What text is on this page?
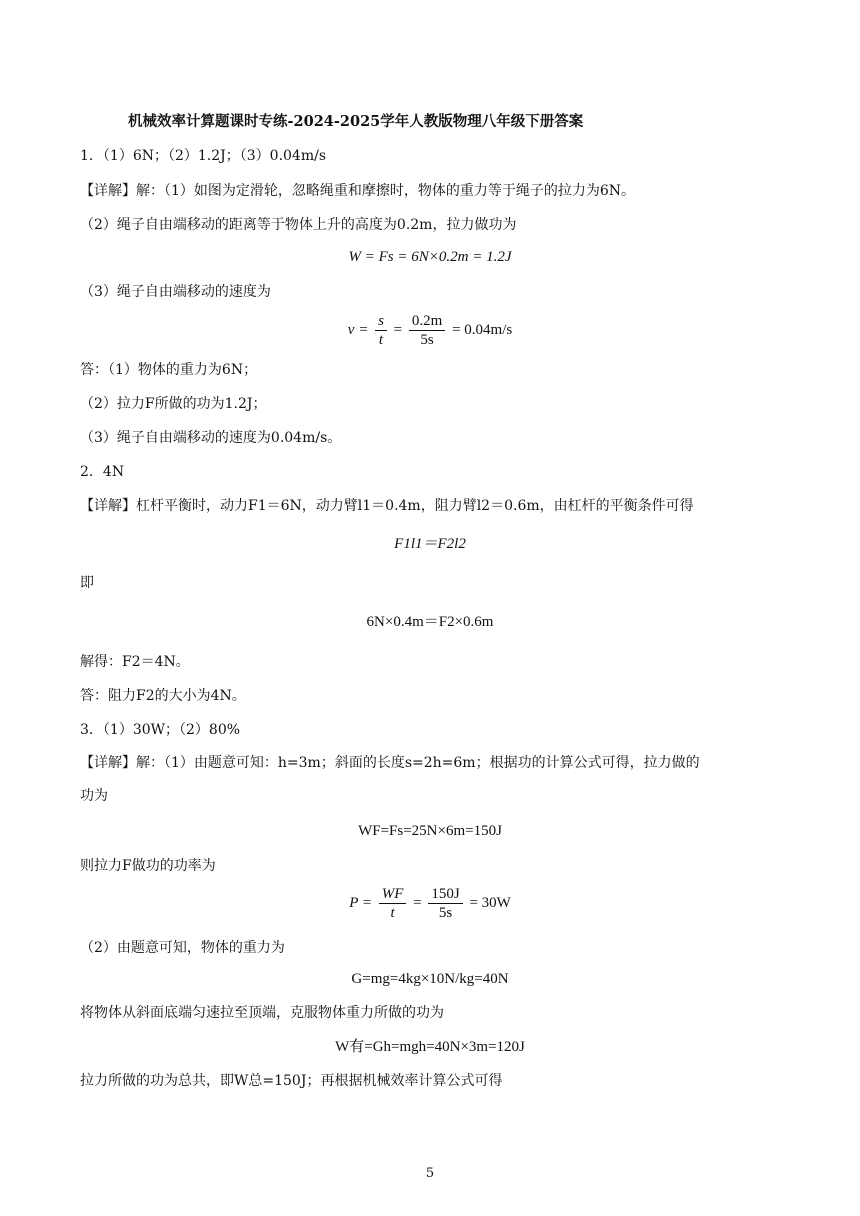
机械效率计算题课时专练-2024-2025学年人教版物理八年级下册答案
1．（1）6N；（2）1.2J；（3）0.04m/s
【详解】解：（1）如图为定滑轮，忽略绳重和摩擦时，物体的重力等于绳子的拉力为6N。
（2）绳子自由端移动的距离等于物体上升的高度为0.2m，拉力做功为
W = Fs = 6N×0.2m = 1.2J
（3）绳子自由端移动的速度为
$v = \frac{s}{t} = \frac{0.2m}{5s} = 0.04m/s$
答：（1）物体的重力为6N；
（2）拉力F所做的功为1.2J；
（3）绳子自由端移动的速度为0.04m/s。
2．4N
【详解】杠杆平衡时，动力F1＝6N，动力臂l1＝0.4m，阻力臂l2＝0.6m，由杠杆的平衡条件可得
F1l1＝F2l2
即
6N×0.4m＝F2×0.6m
解得：F2＝4N。
答：阻力F2的大小为4N。
3．（1）30W；（2）80%
【详解】解：（1）由题意可知：h=3m；斜面的长度s=2h=6m；根据功的计算公式可得，拉力做的
功为
WF=Fs=25N×6m=150J
则拉力F做功的功率为
$P = \frac{WF}{t} = \frac{150J}{5s} = 30W$
（2）由题意可知，物体的重力为
G=mg=4kg×10N/kg=40N
将物体从斜面底端匀速拉至顶端，克服物体重力所做的功为
W有=Gh=mgh=40N×3m=120J
拉力所做的功为总共，即W总=150J；再根据机械效率计算公式可得
5
